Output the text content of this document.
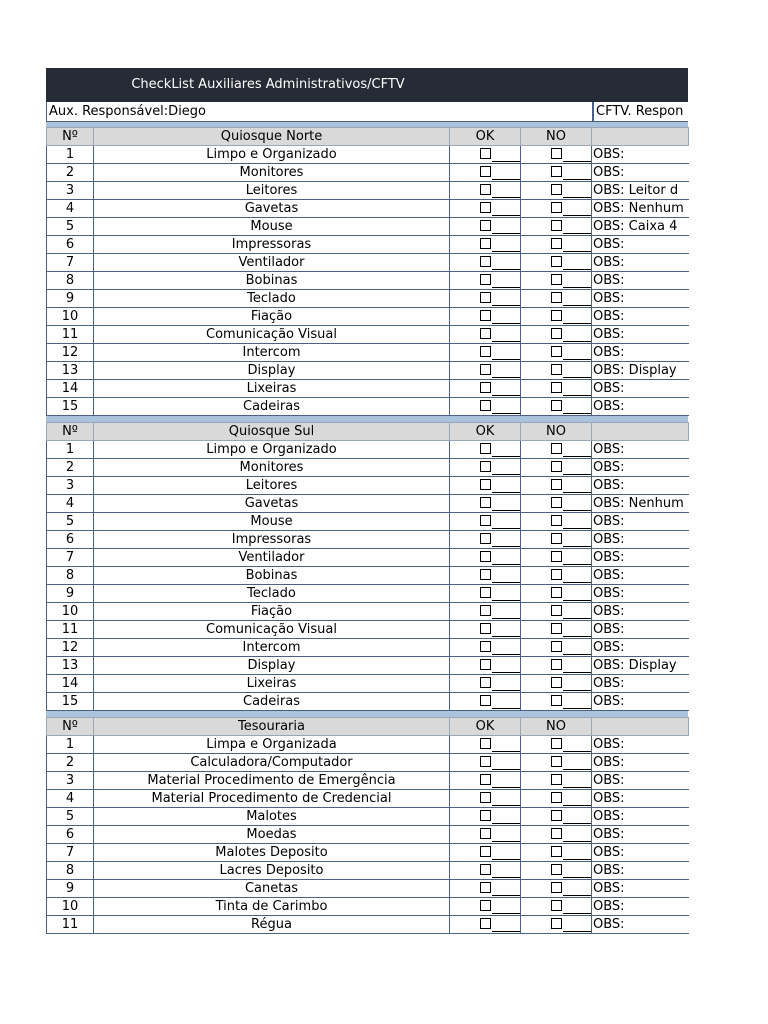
CheckList Auxiliares Administrativos/CFTV
Aux. Responsável:Diego	CFTV. Respon
Nº	Quiosque Norte	OK	NO	
1	Limpo e Organizado			OBS:
2	Monitores			OBS:
3	Leitores			OBS: Leitor d
4	Gavetas			OBS: Nenhum
5	Mouse			OBS: Caixa 4
6	Impressoras			OBS:
7	Ventilador			OBS:
8	Bobinas			OBS:
9	Teclado			OBS:
10	Fiação			OBS:
11	Comunicação Visual			OBS:
12	Intercom			OBS:
13	Display			OBS: Display
14	Lixeiras			OBS:
15	Cadeiras			OBS:
Nº	Quiosque Sul	OK	NO	
1	Limpo e Organizado			OBS:
2	Monitores			OBS:
3	Leitores			OBS:
4	Gavetas			OBS: Nenhum
5	Mouse			OBS:
6	Impressoras			OBS:
7	Ventilador			OBS:
8	Bobinas			OBS:
9	Teclado			OBS:
10	Fiação			OBS:
11	Comunicação Visual			OBS:
12	Intercom			OBS:
13	Display			OBS: Display
14	Lixeiras			OBS:
15	Cadeiras			OBS:
Nº	Tesouraria	OK	NO	
1	Limpa e Organizada			OBS:
2	Calculadora/Computador			OBS:
3	Material Procedimento de Emergência			OBS:
4	Material Procedimento de Credencial			OBS:
5	Malotes			OBS:
6	Moedas			OBS:
7	Malotes Deposito			OBS:
8	Lacres Deposito			OBS:
9	Canetas			OBS:
10	Tinta de Carimbo			OBS:
11	Régua			OBS:
